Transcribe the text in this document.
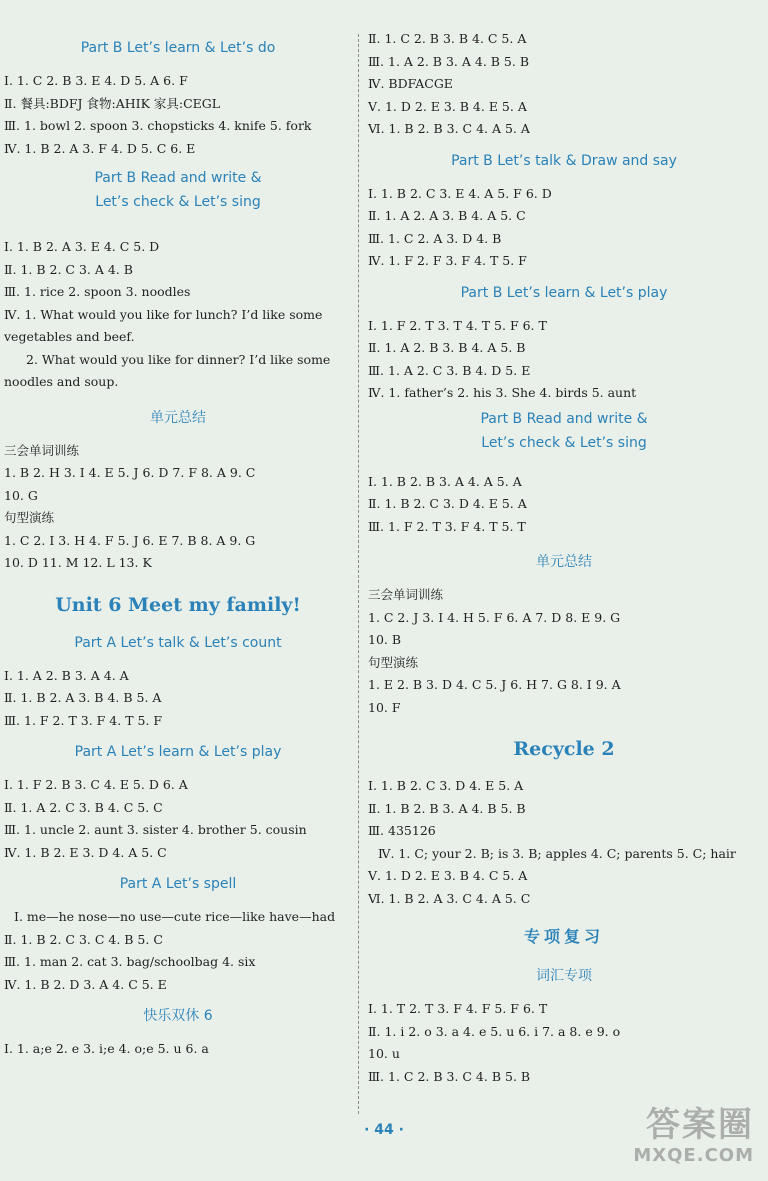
Part B Let’s learn & Let’s do

Ⅰ. 1. C 2. B 3. E 4. D 5. A 6. F

Ⅱ. 餐具:BDFJ 食物:AHIK 家具:CEGL

Ⅲ. 1. bowl 2. spoon 3. chopsticks 4. knife 5. fork

Ⅳ. 1. B 2. A 3. F 4. D 5. C 6. E

Part B Read and write &
Let’s check & Let’s sing

Ⅰ. 1. B 2. A 3. E 4. C 5. D

Ⅱ. 1. B 2. C 3. A 4. B

Ⅲ. 1. rice 2. spoon 3. noodles

Ⅳ. 1. What would you like for lunch? I’d like some vegetables and beef.

2. What would you like for dinner? I’d like some noodles and soup.

单元总结

三会单词训练

1. B 2. H 3. I 4. E 5. J 6. D 7. F 8. A 9. C

10. G

句型演练

1. C 2. I 3. H 4. F 5. J 6. E 7. B 8. A 9. G

10. D 11. M 12. L 13. K

Unit 6 Meet my family!
Part A Let’s talk & Let’s count

Ⅰ. 1. A 2. B 3. A 4. A

Ⅱ. 1. B 2. A 3. B 4. B 5. A

Ⅲ. 1. F 2. T 3. F 4. T 5. F

Part A Let’s learn & Let’s play

Ⅰ. 1. F 2. B 3. C 4. E 5. D 6. A

Ⅱ. 1. A 2. C 3. B 4. C 5. C

Ⅲ. 1. uncle 2. aunt 3. sister 4. brother 5. cousin

Ⅳ. 1. B 2. E 3. D 4. A 5. C

Part A Let’s spell

Ⅰ. me—he nose—no use—cute rice—like have—had

Ⅱ. 1. B 2. C 3. C 4. B 5. C

Ⅲ. 1. man 2. cat 3. bag/schoolbag 4. six

Ⅳ. 1. B 2. D 3. A 4. C 5. E

快乐双休 6

Ⅰ. 1. a;e 2. e 3. i;e 4. o;e 5. u 6. a

Ⅱ. 1. C 2. B 3. B 4. C 5. A

Ⅲ. 1. A 2. B 3. A 4. B 5. B

Ⅳ. BDFACGE

Ⅴ. 1. D 2. E 3. B 4. E 5. A

Ⅵ. 1. B 2. B 3. C 4. A 5. A

Part B Let’s talk & Draw and say

Ⅰ. 1. B 2. C 3. E 4. A 5. F 6. D

Ⅱ. 1. A 2. A 3. B 4. A 5. C

Ⅲ. 1. C 2. A 3. D 4. B

Ⅳ. 1. F 2. F 3. F 4. T 5. F

Part B Let’s learn & Let’s play

Ⅰ. 1. F 2. T 3. T 4. T 5. F 6. T

Ⅱ. 1. A 2. B 3. B 4. A 5. B

Ⅲ. 1. A 2. C 3. B 4. D 5. E

Ⅳ. 1. father’s 2. his 3. She 4. birds 5. aunt

Part B Read and write &
Let’s check & Let’s sing

Ⅰ. 1. B 2. B 3. A 4. A 5. A

Ⅱ. 1. B 2. C 3. D 4. E 5. A

Ⅲ. 1. F 2. T 3. F 4. T 5. T

单元总结

三会单词训练

1. C 2. J 3. I 4. H 5. F 6. A 7. D 8. E 9. G

10. B

句型演练

1. E 2. B 3. D 4. C 5. J 6. H 7. G 8. I 9. A

10. F

Recycle 2

Ⅰ. 1. B 2. C 3. D 4. E 5. A

Ⅱ. 1. B 2. B 3. A 4. B 5. B

Ⅲ. 435126

Ⅳ. 1. C; your 2. B; is 3. B; apples 4. C; parents 5. C; hair

Ⅴ. 1. D 2. E 3. B 4. C 5. A

Ⅵ. 1. B 2. A 3. C 4. A 5. C

专项复习
词汇专项

Ⅰ. 1. T 2. T 3. F 4. F 5. F 6. T

Ⅱ. 1. i 2. o 3. a 4. e 5. u 6. i 7. a 8. e 9. o

10. u

Ⅲ. 1. C 2. B 3. C 4. B 5. B

· 44 ·	答案圈
MXQE.COM
